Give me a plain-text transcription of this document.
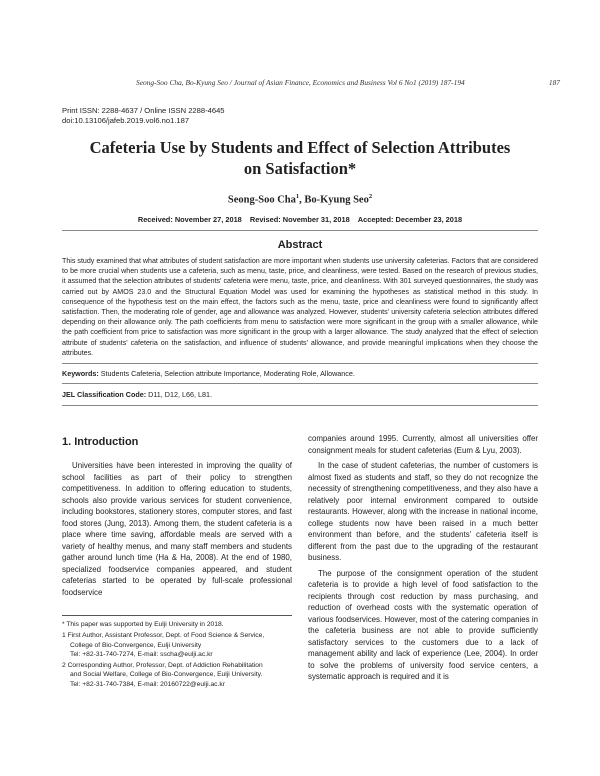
Seong-Soo Cha, Bo-Kyung Seo / Journal of Asian Finance, Economics and Business Vol 6 No1 (2019) 187-194	187
Print ISSN: 2288-4637 / Online ISSN 2288-4645
doi:10.13106/jafeb.2019.vol6.no1.187
Cafeteria Use by Students and Effect of Selection Attributes
on Satisfaction*
Seong-Soo Cha$^1$, Bo-Kyung Seo$^2$
Received: November 27, 2018 Revised: November 31, 2018 Accepted: December 23, 2018
Abstract
This study examined that what attributes of student satisfaction are more important when students use university cafeterias. Factors that are considered to be more crucial when students use a cafeteria, such as menu, taste, price, and cleanliness, were tested. Based on the research of previous studies, it assumed that the selection attributes of students' cafeteria were menu, taste, price, and cleanliness. With 301 surveyed questionnaires, the study was carried out by AMOS 23.0 and the Structural Equation Model was used for examining the hypotheses as statistical method in this study. In consequence of the hypothesis test on the main effect, the factors such as the menu, taste, price and cleanliness were found to significantly affect satisfaction. Then, the moderating role of gender, age and allowance was analyzed. However, students' university cafeteria selection attributes differed depending on their allowance only. The path coefficients from menu to satisfaction were more significant in the group with a smaller allowance, while the path coefficient from price to satisfaction was more significant in the group with a larger allowance. The study analyzed that the effect of selection attribute of students' cafeteria on the satisfaction, and influence of students' allowance, and provide meaningful implications when they choose the attributes.
Keywords: Students Cafeteria, Selection attribute Importance, Moderating Role, Allowance.
JEL Classification Code: D11, D12, L66, L81.
1. Introduction

Universities have been interested in improving the quality of school facilities as part of their policy to strengthen competitiveness. In addition to offering education to students, schools also provide various services for student convenience, including bookstores, stationery stores, computer stores, and fast food stores (Jung, 2013). Among them, the student cafeteria is a place where time saving, affordable meals are served with a variety of healthy menus, and many staff members and students gather around lunch time (Ha & Ha, 2008). At the end of 1980, specialized foodservice companies appeared, and student cafeterias started to be operated by full-scale professional foodservice

* This paper was supported by Eulji University in 2018.

1 First Author, Assistant Professor, Dept. of Food Science & Service,
College of Bio-Convergence, Eulji University
Tel: +82-31-740-7274, E-mail: sscha@eulji.ac.kr

2 Corresponding Author, Professor, Dept. of Addiction Rehabilitation
and Social Welfare, College of Bio-Convergence, Eulji University.
Tel: +82-31-740-7384, E-mail: 20160722@eulji.ac.kr

companies around 1995. Currently, almost all universities offer consignment meals for student cafeterias (Eum & Lyu, 2003).

In the case of student cafeterias, the number of customers is almost fixed as students and staff, so they do not recognize the necessity of strengthening competitiveness, and they also have a relatively poor internal environment compared to outside restaurants. However, along with the increase in national income, college students now have been raised in a much better environment than before, and the students' cafeteria itself is different from the past due to the upgrading of the restaurant business.

The purpose of the consignment operation of the student cafeteria is to provide a high level of food satisfaction to the recipients through cost reduction by mass purchasing, and reduction of overhead costs with the systematic operation of various foodservices. However, most of the catering companies in the cafeteria business are not able to provide sufficiently satisfactory services to the customers due to a lack of management ability and lack of experience (Lee, 2004). In order to solve the problems of university food service centers, a systematic approach is required and it is
